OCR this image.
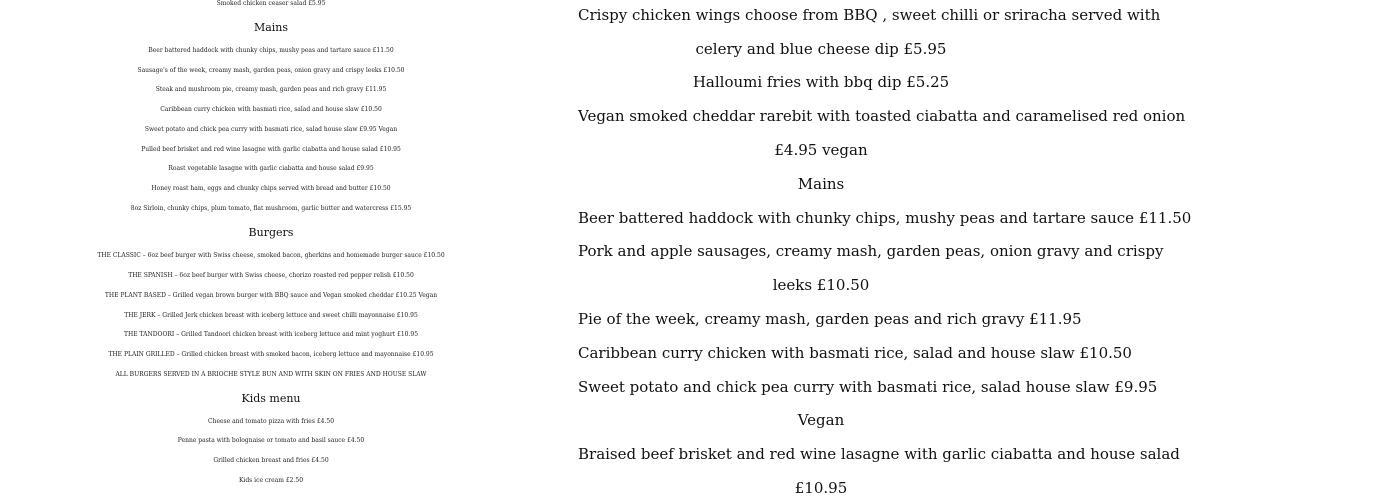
Smoked chicken ceaser salad £5.95
Mains
Beer battered haddock with chunky chips, mushy peas and tartare sauce £11.50
Sausage's of the week, creamy mash, garden peas, onion gravy and crispy leeks £10.50
Steak and mushroom pie, creamy mash, garden peas and rich gravy £11.95
Caribbean curry chicken with basmati rice, salad and house slaw £10.50
Sweet potato and chick pea curry with basmati rice, salad house slaw £9.95 Vegan
Pulled beef brisket and red wine lasagne with garlic ciabatta and house salad £10.95
Roast vegetable lasagne with garlic ciabatta and house salad £9.95
Honey roast ham, eggs and chunky chips served with bread and butter £10.50
8oz Sirloin, chunky chips, plum tomato, flat mushroom, garlic butter and watercress £15.95
Burgers
THE CLASSIC – 6oz beef burger with Swiss cheese, smoked bacon, gherkins and homemade burger sauce £10.50
THE SPANISH – 6oz beef burger with Swiss cheese, chorizo roasted red pepper relish £10.50
THE PLANT BASED – Grilled vegan brown burger with BBQ sauce and Vegan smoked cheddar £10.25 Vegan
THE JERK – Grilled Jerk chicken breast with iceberg lettuce and sweet chilli mayonnaise £10.95
THE TANDOORI – Grilled Tandoori chicken breast with iceberg lettuce and mint yoghurt £10.95
THE PLAIN GRILLED – Grilled chicken breast with smoked bacon, iceberg lettuce and mayonnaise £10.95
ALL BURGERS SERVED IN A BRIOCHE STYLE BUN AND WITH SKIN ON FRIES AND HOUSE SLAW
Kids menu
Cheese and tomato pizza with fries £4.50
Penne pasta with bolognaise or tomato and basil sauce £4.50
Grilled chicken breast and fries £4.50
Kids ice cream £2.50
Crispy chicken wings choose from BBQ , sweet chilli or sriracha served with
celery and blue cheese dip £5.95
Halloumi fries with bbq dip £5.25
Vegan smoked cheddar rarebit with toasted ciabatta and caramelised red onion
£4.95 vegan
Mains
Beer battered haddock with chunky chips, mushy peas and tartare sauce £11.50
Pork and apple sausages, creamy mash, garden peas, onion gravy and crispy
leeks £10.50
Pie of the week, creamy mash, garden peas and rich gravy £11.95
Caribbean curry chicken with basmati rice, salad and house slaw £10.50
Sweet potato and chick pea curry with basmati rice, salad house slaw £9.95
Vegan
Braised beef brisket and red wine lasagne with garlic ciabatta and house salad
£10.95
